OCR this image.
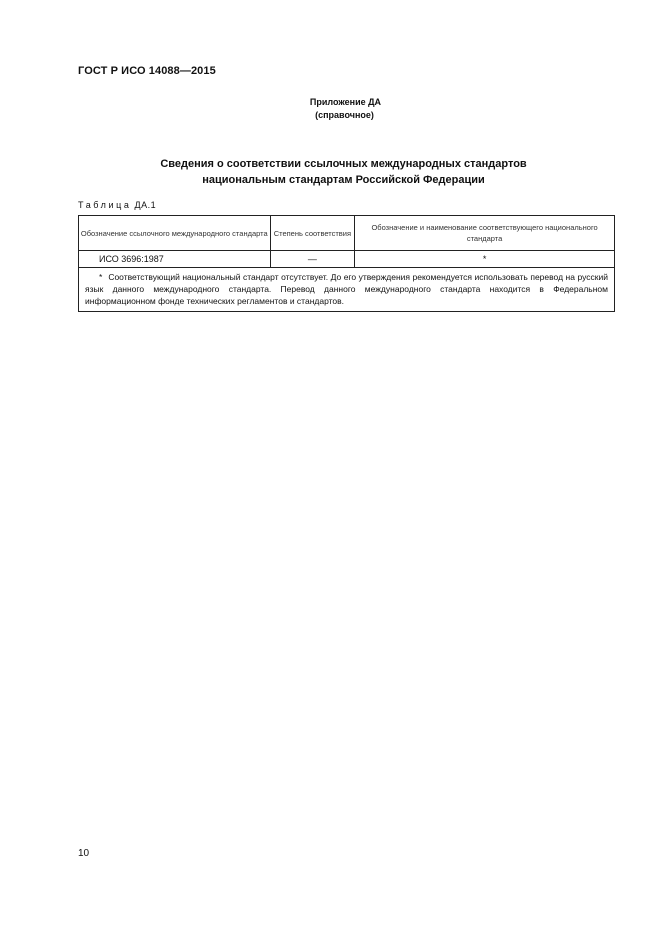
ГОСТ Р ИСО 14088—2015
Приложение ДА
(справочное)
Сведения о соответствии ссылочных международных стандартов
национальным стандартам Российской Федерации
Таблица ДА.1
Обозначение ссылочного международного стандарта	Степень соответствия	Обозначение и наименование соответствующего национального стандарта
ИСО 3696:1987	—	*
* Соответствующий национальный стандарт отсутствует. До его утверждения рекомендуется использовать перевод на русский язык данного международного стандарта. Перевод данного международного стандарта находится в Федеральном информационном фонде технических регламентов и стандартов.		
10
